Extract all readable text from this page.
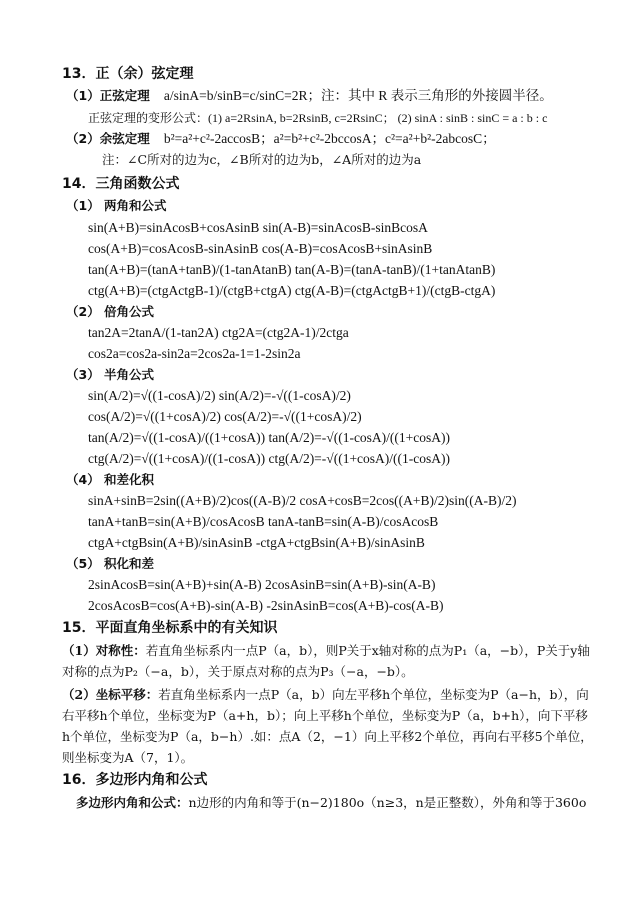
13．正（余）弦定理
（1）正弦定理 a/sinA=b/sinB=c/sinC=2R；注：其中 R 表示三角形的外接圆半径。
正弦定理的变形公式：(1) a=2RsinA, b=2RsinB, c=2RsinC； (2) sinA : sinB : sinC = a : b : c
（2）余弦定理 b²=a²+c²-2accosB；a²=b²+c²-2bccosA；c²=a²+b²-2abcosC；
注：∠C所对的边为c，∠B所对的边为b，∠A所对的边为a
14．三角函数公式
（1） 两角和公式
sin(A+B)=sinAcosB+cosAsinB sin(A-B)=sinAcosB-sinBcosA
cos(A+B)=cosAcosB-sinAsinB cos(A-B)=cosAcosB+sinAsinB
tan(A+B)=(tanA+tanB)/(1-tanAtanB) tan(A-B)=(tanA-tanB)/(1+tanAtanB)
ctg(A+B)=(ctgActgB-1)/(ctgB+ctgA) ctg(A-B)=(ctgActgB+1)/(ctgB-ctgA)
（2） 倍角公式
tan2A=2tanA/(1-tan2A) ctg2A=(ctg2A-1)/2ctga
cos2a=cos2a-sin2a=2cos2a-1=1-2sin2a
（3） 半角公式
sin(A/2)=√((1-cosA)/2) sin(A/2)=-√((1-cosA)/2)
cos(A/2)=√((1+cosA)/2) cos(A/2)=-√((1+cosA)/2)
tan(A/2)=√((1-cosA)/((1+cosA)) tan(A/2)=-√((1-cosA)/((1+cosA))
ctg(A/2)=√((1+cosA)/((1-cosA)) ctg(A/2)=-√((1+cosA)/((1-cosA))
（4） 和差化积
sinA+sinB=2sin((A+B)/2)cos((A-B)/2 cosA+cosB=2cos((A+B)/2)sin((A-B)/2)
tanA+tanB=sin(A+B)/cosAcosB tanA-tanB=sin(A-B)/cosAcosB
ctgA+ctgBsin(A+B)/sinAsinB -ctgA+ctgBsin(A+B)/sinAsinB
（5） 积化和差
2sinAcosB=sin(A+B)+sin(A-B) 2cosAsinB=sin(A+B)-sin(A-B)
2cosAcosB=cos(A+B)-sin(A-B) -2sinAsinB=cos(A+B)-cos(A-B)
15．平面直角坐标系中的有关知识
（1）对称性：若直角坐标系内一点P（a，b），则P关于x轴对称的点为P₁（a，−b），P关于y轴对称的点为P₂（−a，b），关于原点对称的点为P₃（−a，−b）。
（2）坐标平移：若直角坐标系内一点P（a，b）向左平移h个单位，坐标变为P（a−h，b），向右平移h个单位，坐标变为P（a+h，b）；向上平移h个单位，坐标变为P（a，b+h），向下平移h个单位，坐标变为P（a，b−h）.如：点A（2，−1）向上平移2个单位，再向右平移5个单位，则坐标变为A（7，1）。
16．多边形内角和公式
多边形内角和公式：n边形的内角和等于(n−2)180o（n≥3，n是正整数），外角和等于360o
